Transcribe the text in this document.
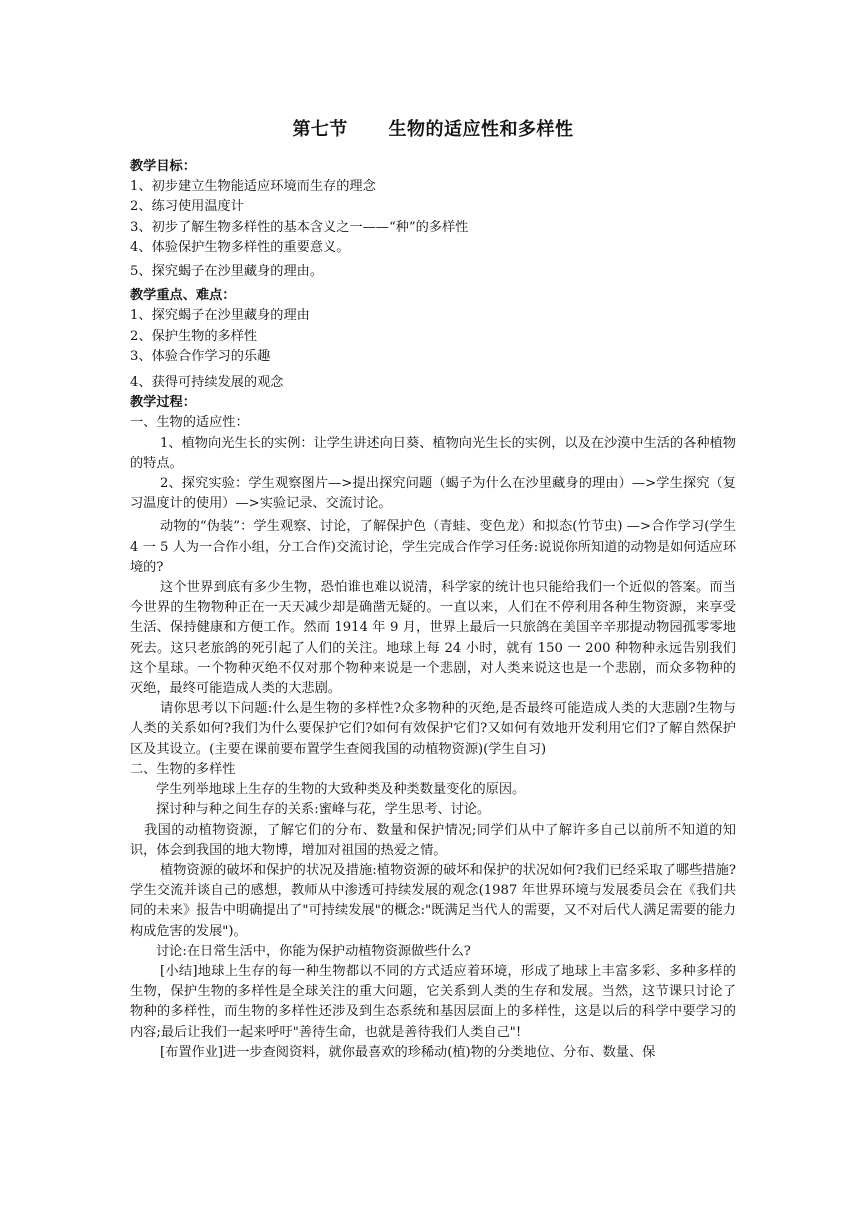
第七节      生物的适应性和多样性
教学目标：
1、初步建立生物能适应环境而生存的理念
2、练习使用温度计
3、初步了解生物多样性的基本含义之一——“种”的多样性
4、体验保护生物多样性的重要意义。
5、探究蝎子在沙里藏身的理由。
教学重点、难点：
1、探究蝎子在沙里藏身的理由
2、保护生物的多样性
3、体验合作学习的乐趣
4、获得可持续发展的观念
教学过程：
一、生物的适应性：

1、植物向光生长的实例：让学生讲述向日葵、植物向光生长的实例，以及在沙漠中生活的各种植物的特点。

2、探究实验：学生观察图片—>提出探究问题（蝎子为什么在沙里藏身的理由）—>学生探究（复习温度计的使用）—>实验记录、交流讨论。

动物的“伪装”：学生观察、讨论，了解保护色（青蛙、变色龙）和拟态(竹节虫) —>合作学习(学生 4 一 5 人为一合作小组，分工合作)交流讨论，学生完成合作学习任务:说说你所知道的动物是如何适应环境的?

这个世界到底有多少生物，恐怕谁也难以说清，科学家的统计也只能给我们一个近似的答案。而当今世界的生物物种正在一天天减少却是确凿无疑的。一直以来，人们在不停利用各种生物资源，来享受生活、保持健康和方便工作。然而 1914 年 9 月，世界上最后一只旅鸽在美国辛辛那提动物园孤零零地死去。这只老旅鸽的死引起了人们的关注。地球上每 24 小时，就有 150 一 200 种物种永远告别我们这个星球。一个物种灭绝不仅对那个物种来说是一个悲剧，对人类来说这也是一个悲剧，而众多物种的灭绝，最终可能造成人类的大悲剧。

请你思考以下问题:什么是生物的多样性?众多物种的灭绝,是否最终可能造成人类的大悲剧?生物与人类的关系如何?我们为什么要保护它们?如何有效保护它们?又如何有效地开发利用它们?了解自然保护区及其设立。(主要在课前要布置学生查阅我国的动植物资源)(学生自习)

二、生物的多样性

学生列举地球上生存的生物的大致种类及种类数量变化的原因。

探讨种与种之间生存的关系:蜜峰与花，学生思考、讨论。

我国的动植物资源，了解它们的分布、数量和保护情况;同学们从中了解许多自己以前所不知道的知识，体会到我国的地大物博，增加对祖国的热爱之情。

植物资源的破坏和保护的状况及措施:植物资源的破坏和保护的状况如何?我们已经采取了哪些措施?学生交流并谈自己的感想，教师从中渗透可持续发展的观念(1987 年世界环境与发展委员会在《我们共同的未来》报告中明确提出了"可持续发展"的概念:"既满足当代人的需要，又不对后代人满足需要的能力构成危害的发展")。

讨论:在日常生活中，你能为保护动植物资源做些什么?

[小结]地球上生存的每一种生物都以不同的方式适应着环境，形成了地球上丰富多彩、多种多样的生物，保护生物的多样性是全球关注的重大问题，它关系到人类的生存和发展。当然，这节课只讨论了物种的多样性，而生物的多样性还涉及到生态系统和基因层面上的多样性，这是以后的科学中要学习的内容;最后让我们一起来呼吁"善待生命，也就是善待我们人类自己"!

[布置作业]进一步查阅资料，就你最喜欢的珍稀动(植)物的分类地位、分布、数量、保
